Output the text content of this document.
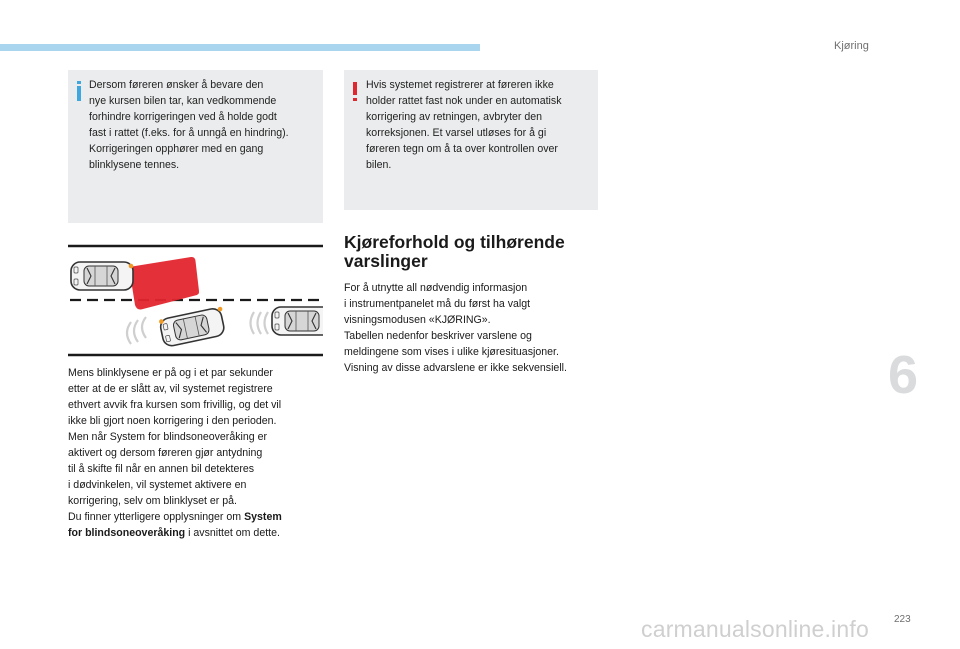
Kjøring
6
Dersom føreren ønsker å bevare den
nye kursen bilen tar, kan vedkommende
forhindre korrigeringen ved å holde godt
fast i rattet (f.eks. for å unngå en hindring).
Korrigeringen opphører med en gang
blinklysene tennes.
Hvis systemet registrerer at føreren ikke
holder rattet fast nok under en automatisk
korrigering av retningen, avbryter den
korreksjonen. Et varsel utløses for å gi
føreren tegn om å ta over kontrollen over
bilen.
Mens blinklysene er på og i et par sekunder
etter at de er slått av, vil systemet registrere
ethvert avvik fra kursen som frivillig, og det vil
ikke bli gjort noen korrigering i den perioden.
Men når System for blindsoneoveråking er
aktivert og dersom føreren gjør antydning
til å skifte fil når en annen bil detekteres
i dødvinkelen, vil systemet aktivere en
korrigering, selv om blinklyset er på.
Du finner ytterligere opplysninger om System
for blindsoneoveråking i avsnittet om dette.
Kjøreforhold og tilhørende varslinger
For å utnytte all nødvendig informasjon
i instrumentpanelet må du først ha valgt
visningsmodusen «KJØRING».
Tabellen nedenfor beskriver varslene og
meldingene som vises i ulike kjøresituasjoner.
Visning av disse advarslene er ikke sekvensiell.
223
carmanualsonline.info
